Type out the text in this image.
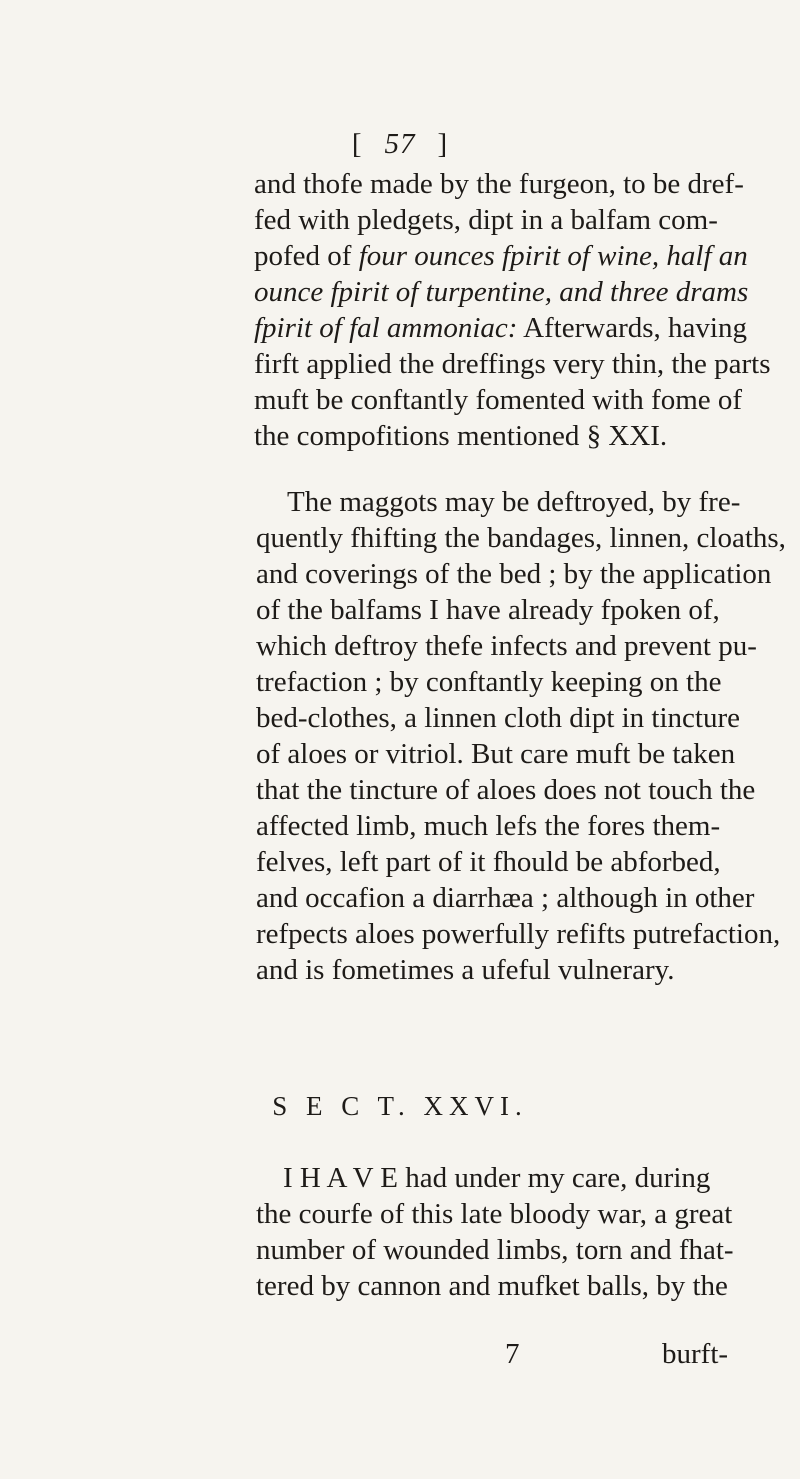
[ 57 ]
and thofe made by the furgeon, to be dref-
fed with pledgets, dipt in a balfam com-
pofed of four ounces fpirit of wine, half an
ounce fpirit of turpentine, and three drams
fpirit of fal ammoniac: Afterwards, having
firft applied the dreffings very thin, the parts
muft be conftantly fomented with fome of
the compofitions mentioned § XXI.
The maggots may be deftroyed, by fre-
quently fhifting the bandages, linnen, cloaths,
and coverings of the bed ; by the application
of the balfams I have already fpoken of,
which deftroy thefe infects and prevent pu-
trefaction ; by conftantly keeping on the
bed-clothes, a linnen cloth dipt in tincture
of aloes or vitriol. But care muft be taken
that the tincture of aloes does not touch the
affected limb, much lefs the fores them-
felves, left part of it fhould be abforbed,
and occafion a diarrhæa ; although in other
refpects aloes powerfully refifts putrefaction,
and is fometimes a ufeful vulnerary.
S E C T. XXVI.
I H A V E had under my care, during
the courfe of this late bloody war, a great
number of wounded limbs, torn and fhat-
tered by cannon and mufket balls, by the
7	burft-
